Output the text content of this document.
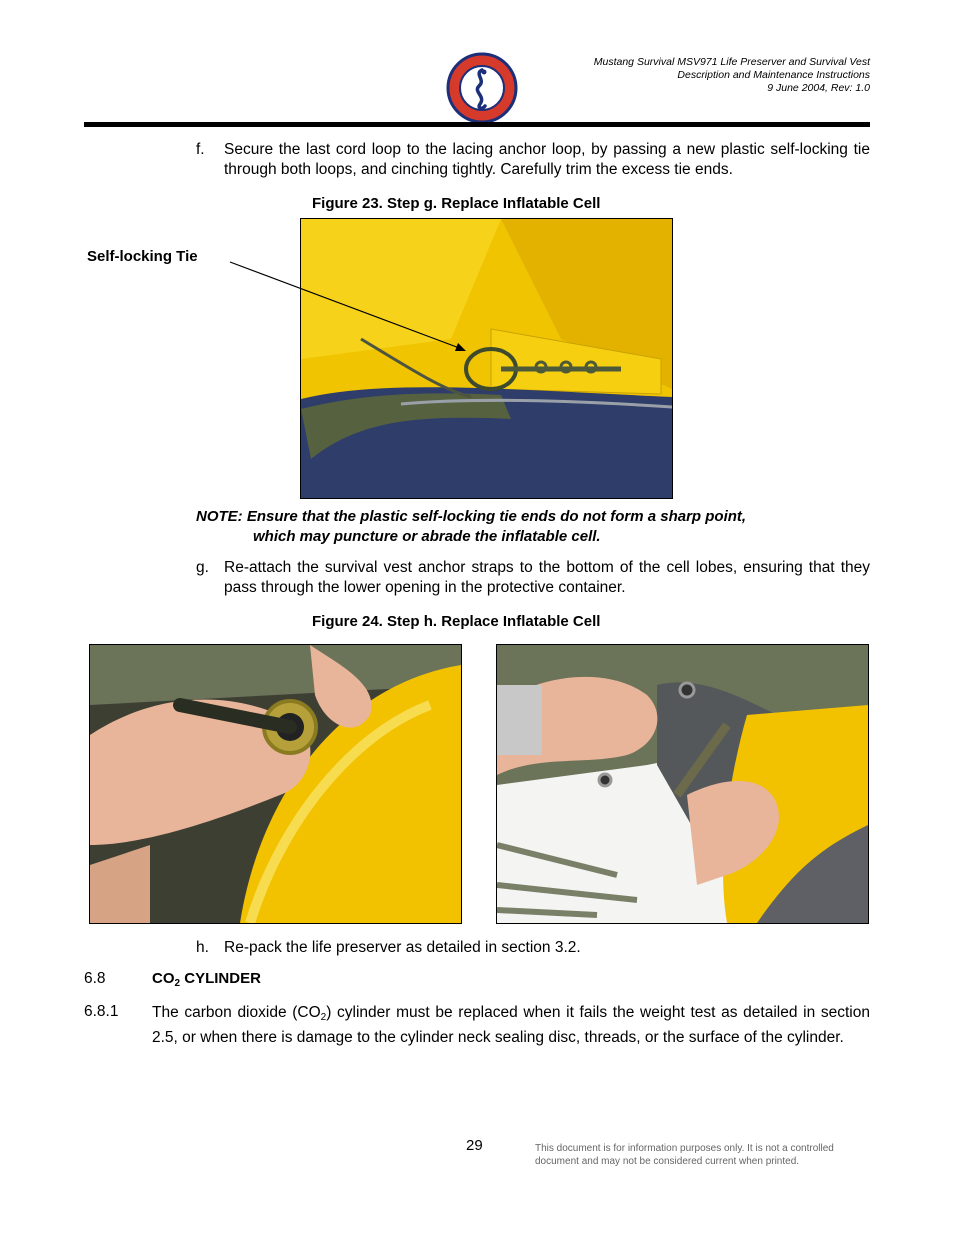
Mustang Survival MSV971 Life Preserver and Survival Vest
Description and Maintenance Instructions
9 June 2004, Rev: 1.0
f. Secure the last cord loop to the lacing anchor loop, by passing a new plastic self-locking tie through both loops, and cinching tightly. Carefully trim the excess tie ends.
Figure 23. Step g. Replace Inflatable Cell
Self-locking Tie
NOTE: Ensure that the plastic self-locking tie ends do not form a sharp point,
which may puncture or abrade the inflatable cell.
g. Re-attach the survival vest anchor straps to the bottom of the cell lobes, ensuring that they pass through the lower opening in the protective container.
Figure 24. Step h. Replace Inflatable Cell
h. Re-pack the life preserver as detailed in section 3.2.
6.8	$CO_2$ CYLINDER
6.8.1 The carbon dioxide $(CO_2)$ cylinder must be replaced when it fails the weight test as detailed in section 2.5, or when there is damage to the cylinder neck sealing disc, threads, or the surface of the cylinder.
29	This document is for information purposes only. It is not a controlled
document and may not be considered current when printed.
